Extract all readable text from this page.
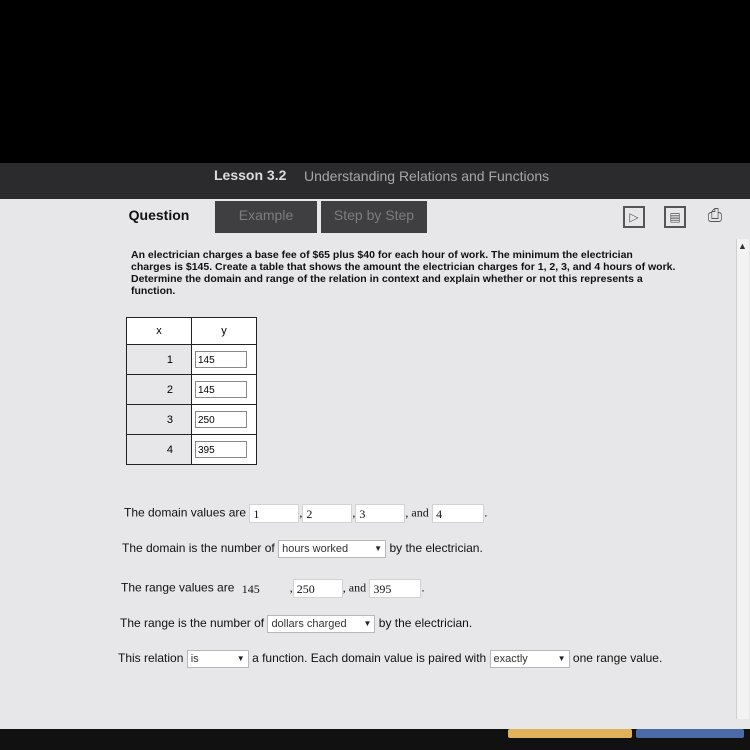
Lesson 3.2 Understanding Relations and Functions
Question	Example	Step by Step	▷	▤ ⎙
▲

An electrician charges a base fee of $65 plus $40 for each hour of work. The minimum the electrician charges is $145. Create a table that shows the amount the electrician charges for 1, 2, 3, and 4 hours of work. Determine the domain and range of the relation in context and explain whether or not this represents a function.

x	y
1	145
2	145
3	250
4	395
The domain values are 1	, 2	, 3	, and 4	.
The domain is the number of hours worked	▼ by the electrician.
The range values are 145	, 250 , and 395	.
The range is the number of dollars charged ▼ by the electrician.
This relation is	▼ a function. Each domain value is paired with exactly	▼ one range value.
